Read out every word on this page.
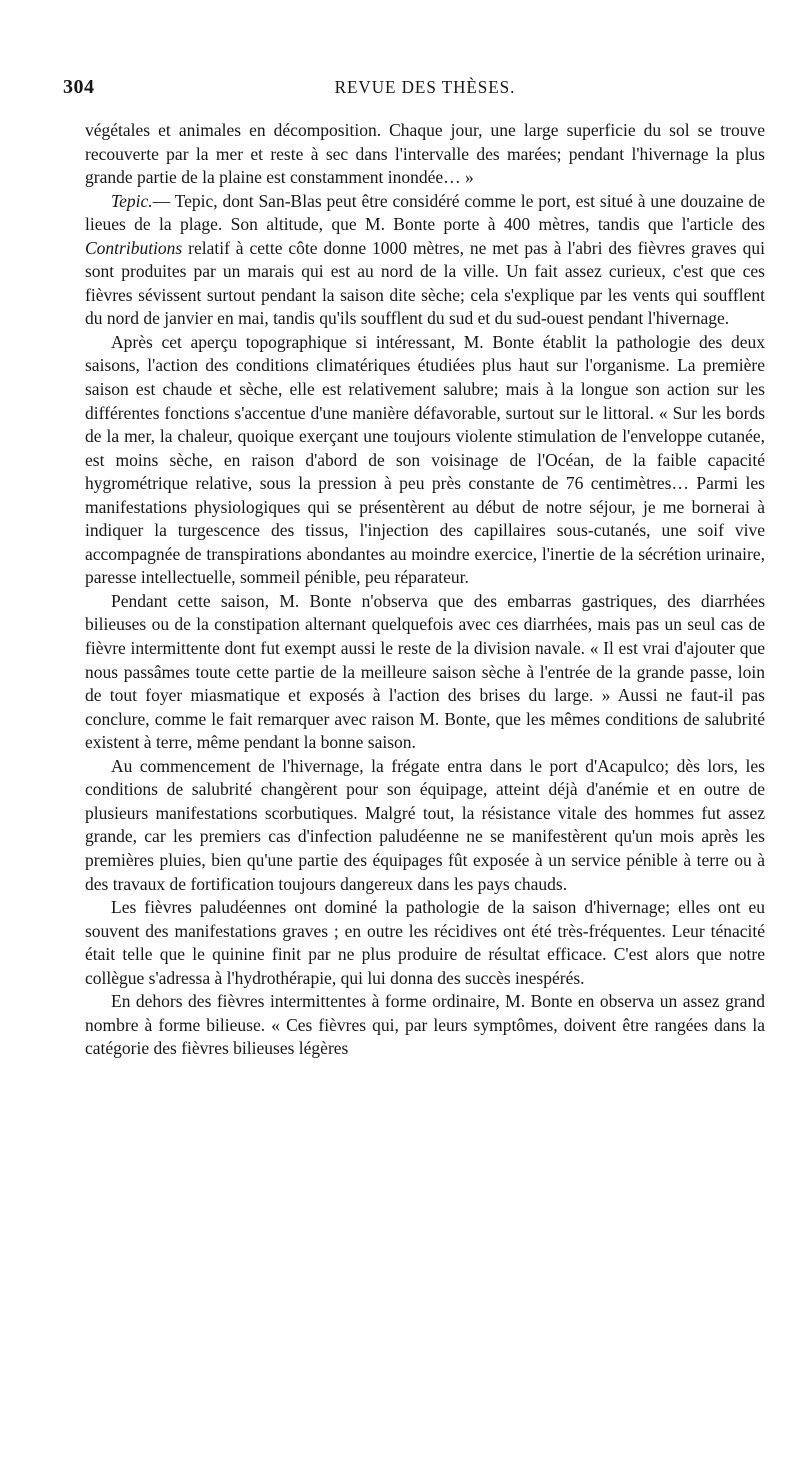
304	REVUE DES THÈSES.

végétales et animales en décomposition. Chaque jour, une large superficie du sol se trouve recouverte par la mer et reste à sec dans l'intervalle des marées; pendant l'hivernage la plus grande partie de la plaine est constamment inondée… »

Tepic.— Tepic, dont San-Blas peut être considéré comme le port, est situé à une douzaine de lieues de la plage. Son altitude, que M. Bonte porte à 400 mètres, tandis que l'article des Contributions relatif à cette côte donne 1000 mètres, ne met pas à l'abri des fièvres graves qui sont produites par un marais qui est au nord de la ville. Un fait assez curieux, c'est que ces fièvres sévissent surtout pendant la saison dite sèche; cela s'explique par les vents qui soufflent du nord de janvier en mai, tandis qu'ils soufflent du sud et du sud-ouest pendant l'hivernage.

Après cet aperçu topographique si intéressant, M. Bonte établit la pathologie des deux saisons, l'action des conditions climatériques étudiées plus haut sur l'organisme. La première saison est chaude et sèche, elle est relativement salubre; mais à la longue son action sur les différentes fonctions s'accentue d'une manière défavorable, surtout sur le littoral. « Sur les bords de la mer, la chaleur, quoique exerçant une toujours violente stimulation de l'enveloppe cutanée, est moins sèche, en raison d'abord de son voisinage de l'Océan, de la faible capacité hygrométrique relative, sous la pression à peu près constante de 76 centimètres… Parmi les manifestations physiologiques qui se présentèrent au début de notre séjour, je me bornerai à indiquer la turgescence des tissus, l'injection des capillaires sous-cutanés, une soif vive accompagnée de transpirations abondantes au moindre exercice, l'inertie de la sécrétion urinaire, paresse intellectuelle, sommeil pénible, peu réparateur.

Pendant cette saison, M. Bonte n'observa que des embarras gastriques, des diarrhées bilieuses ou de la constipation alternant quelquefois avec ces diarrhées, mais pas un seul cas de fièvre intermittente dont fut exempt aussi le reste de la division navale. « Il est vrai d'ajouter que nous passâmes toute cette partie de la meilleure saison sèche à l'entrée de la grande passe, loin de tout foyer miasmatique et exposés à l'action des brises du large. » Aussi ne faut-il pas conclure, comme le fait remarquer avec raison M. Bonte, que les mêmes conditions de salubrité existent à terre, même pendant la bonne saison.

Au commencement de l'hivernage, la frégate entra dans le port d'Acapulco; dès lors, les conditions de salubrité changèrent pour son équipage, atteint déjà d'anémie et en outre de plusieurs manifestations scorbutiques. Malgré tout, la résistance vitale des hommes fut assez grande, car les premiers cas d'infection paludéenne ne se manifestèrent qu'un mois après les premières pluies, bien qu'une partie des équipages fût exposée à un service pénible à terre ou à des travaux de fortification toujours dangereux dans les pays chauds.

Les fièvres paludéennes ont dominé la pathologie de la saison d'hivernage; elles ont eu souvent des manifestations graves ; en outre les récidives ont été très-fréquentes. Leur ténacité était telle que le quinine finit par ne plus produire de résultat efficace. C'est alors que notre collègue s'adressa à l'hydrothérapie, qui lui donna des succès inespérés.

En dehors des fièvres intermittentes à forme ordinaire, M. Bonte en observa un assez grand nombre à forme bilieuse. « Ces fièvres qui, par leurs symptômes, doivent être rangées dans la catégorie des fièvres bilieuses légères
